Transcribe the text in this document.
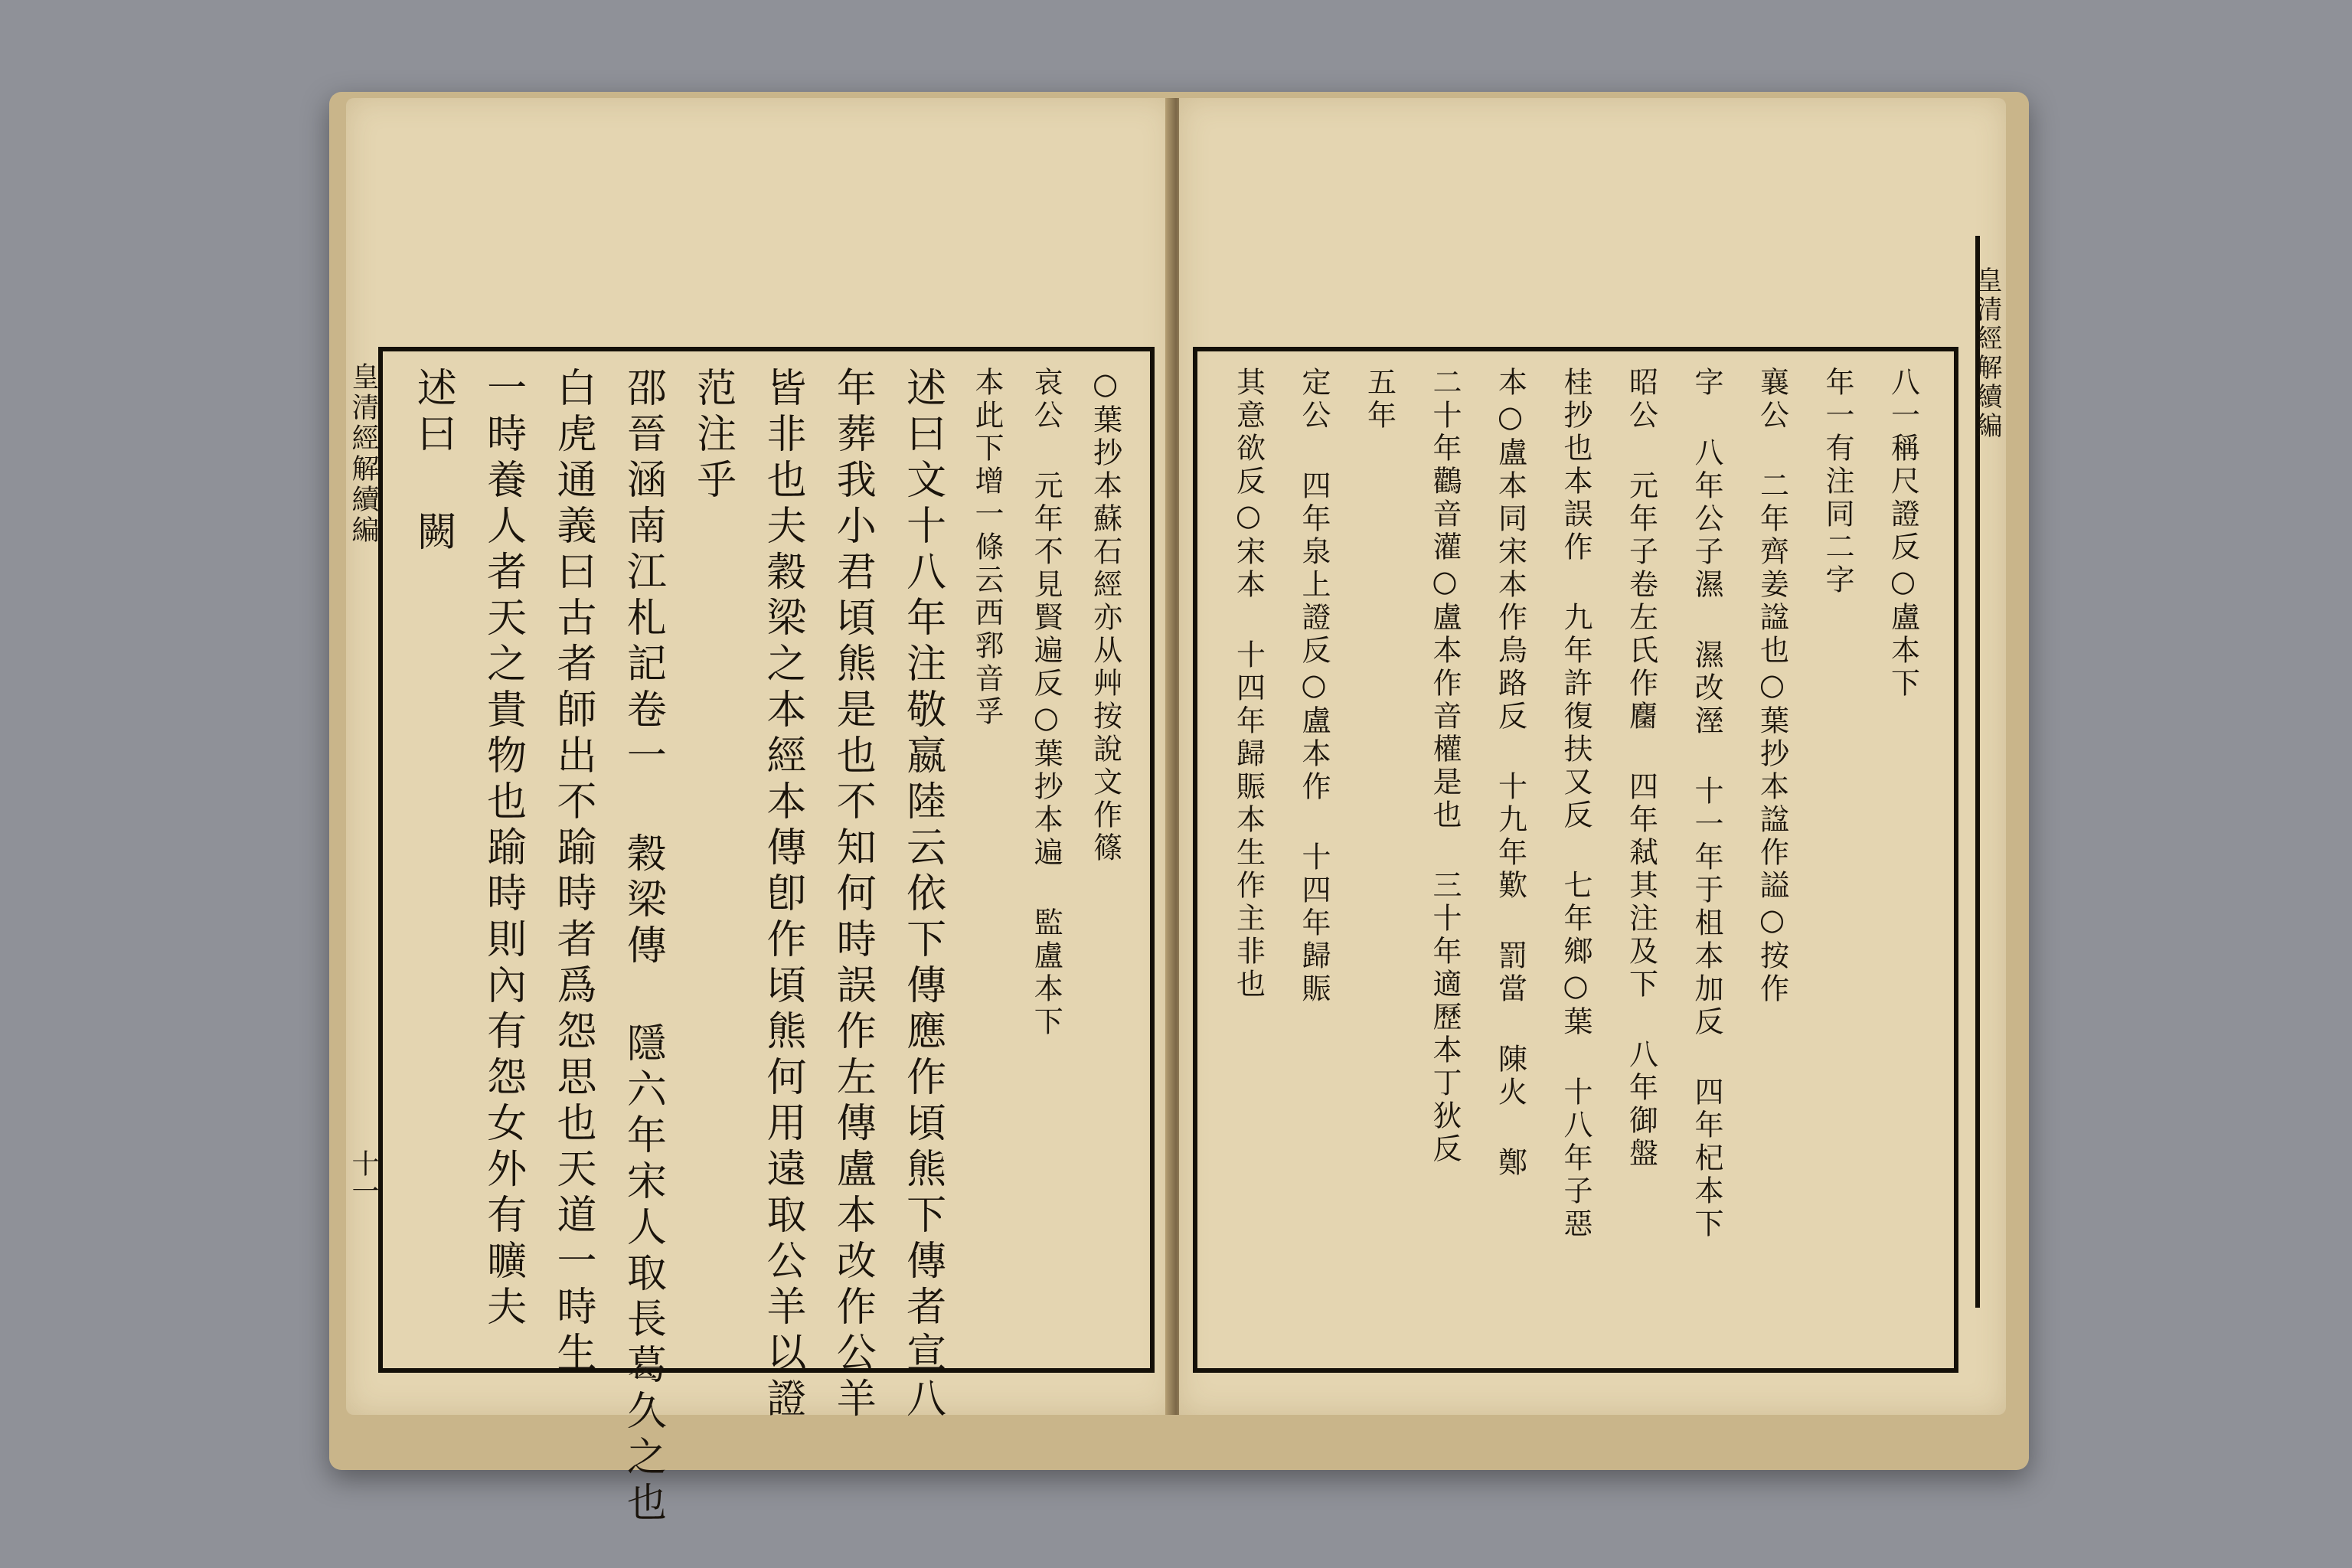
皇清經解續編
十一
○葉抄本蘇石經亦从艸按說文作篠
哀公 元年不見賢遍反○葉抄本遍 監盧本下
本此下增一條云西郛音孚
述曰文十八年注敬嬴陸云依下傳應作頃熊下傳者宣八
年葬我小君頃熊是也不知何時誤作左傳盧本改作公羊
皆非也夫穀梁之本經本傳卽作頃熊何用遠取公羊以證
范注乎
邵晉涵南江札記卷一 穀梁傳 隱六年宋人取長葛久之也
白虎通義曰古者師出不踰時者爲怨思也天道一時生
一時養人者天之貴物也踰時則內有怨女外有曠夫
述曰 闕	八一稱尺證反○盧本下
年一有注同二字
襄公 二年齊姜諡也○葉抄本諡作謚○按作
字 八年公子濕 濕改溼 十一年于柤本加反 四年杞本下
昭公 元年子卷左氏作麕 四年弒其注及下 八年御盤
桂抄也本誤作 九年許復扶又反 七年鄉○葉 十八年子惡
本○盧本同宋本作烏路反 十九年歎 罰當 陳火 鄭
二十年鸛音灌○盧本作音權是也 三十年適歷本丁狄反
五年
定公 四年泉上證反○盧本作 十四年歸賑
其意欲反○宋本 十四年歸賑本生作主非也
皇清經解續編
